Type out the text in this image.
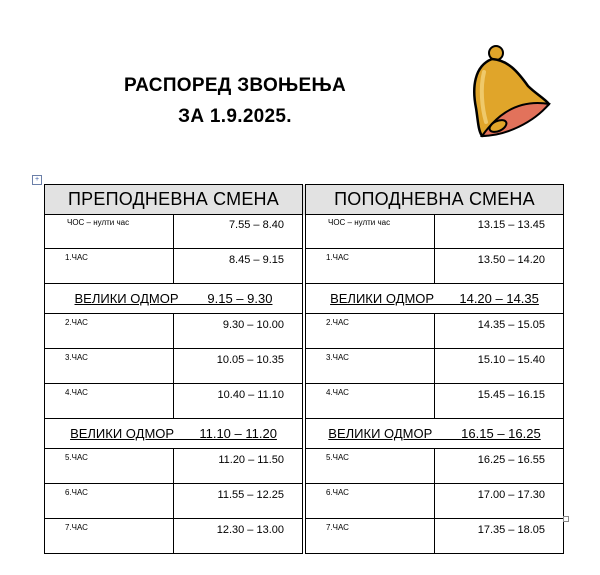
РАСПОРЕД ЗВОЊЕЊА
ЗА 1.9.2025.
+
ПРЕПОДНЕВНА СМЕНА			ПОПОДНЕВНА СМЕНА	
ЧОС – нулти час	7.55 – 8.40		ЧОС – нулти час	13.15 – 13.45
1.ЧАС	8.45 – 9.15		1.ЧАС	13.50 – 14.20
ВЕЛИКИ ОДМОР        9.15 – 9.30			ВЕЛИКИ ОДМОР       14.20 – 14.35	
2.ЧАС	9.30 – 10.00		2.ЧАС	14.35 – 15.05
3.ЧАС	10.05 – 10.35		3.ЧАС	15.10 – 15.40
4.ЧАС	10.40 – 11.10		4.ЧАС	15.45 – 16.15
ВЕЛИКИ ОДМОР       11.10 – 11.20			ВЕЛИКИ ОДМОР        16.15 – 16.25	
5.ЧАС	11.20 – 11.50		5.ЧАС	16.25 – 16.55
6.ЧАС	11.55 – 12.25		6.ЧАС	17.00 – 17.30
7.ЧАС	12.30 – 13.00		7.ЧАС	17.35 – 18.05
